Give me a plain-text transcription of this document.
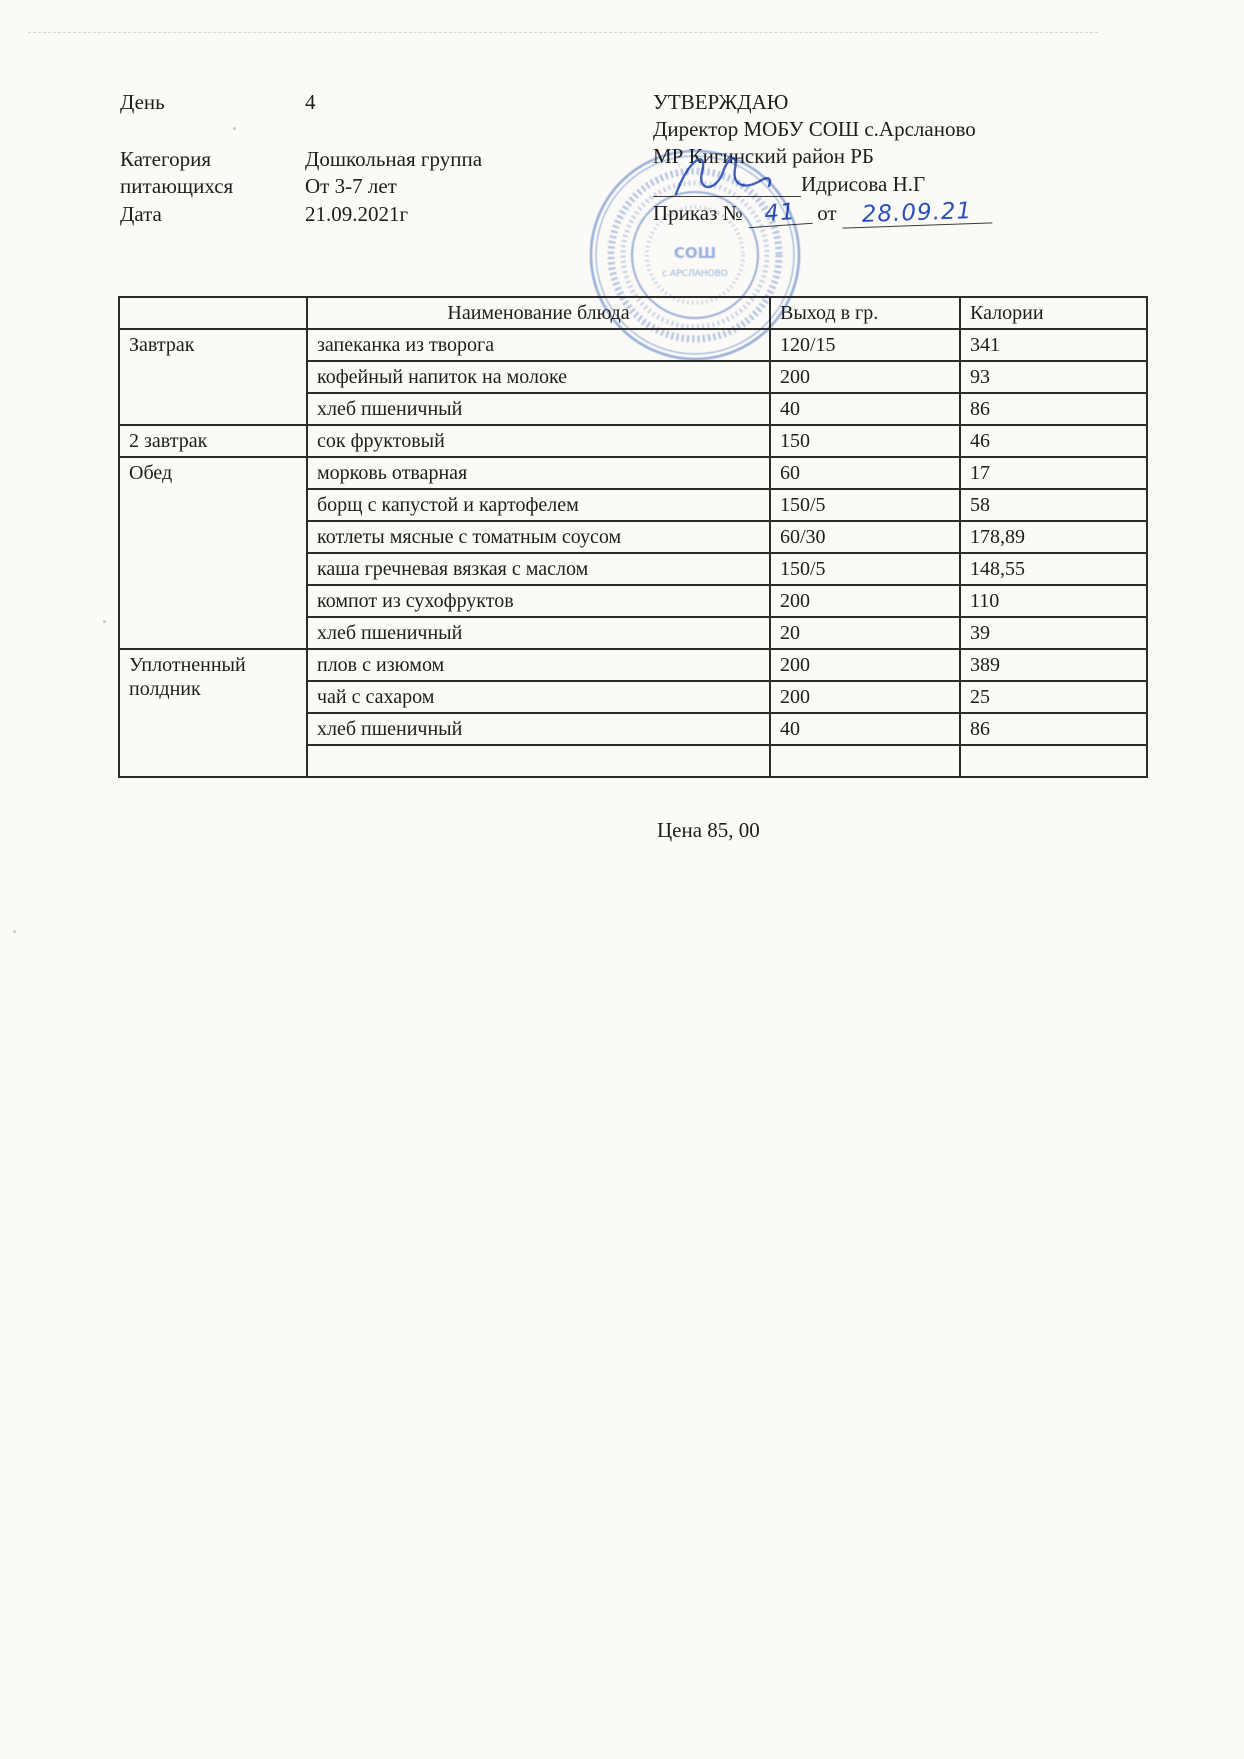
День	4
Категория
питающихся
Дошкольная группа
От 3-7 лет
Дата	21.09.2021г
УТВЕРЖДАЮ
Директор МОБУ СОШ с.Арсланово
МР Кигинский район РБ
Идрисова Н.Г
Приказ № 41 от 28.09.21
СОШ
с.АРСЛАНОВО
	Наименование блюда	Выход в гр.	Калории
Завтрак	запеканка из творога	120/15	341
	кофейный напиток на молоке	200	93
	хлеб пшеничный	40	86
2 завтрак	сок фруктовый	150	46
Обед	морковь отварная	60	17
	борщ с капустой и картофелем	150/5	58
	котлеты мясные с томатным соусом	60/30	178,89
	каша гречневая вязкая с маслом	150/5	148,55
	компот из сухофруктов	200	110
	хлеб пшеничный	20	39
Уплотненный полдник	плов с изюмом	200	389
	чай с сахаром	200	25
	хлеб пшеничный	40	86

Цена 85, 00
